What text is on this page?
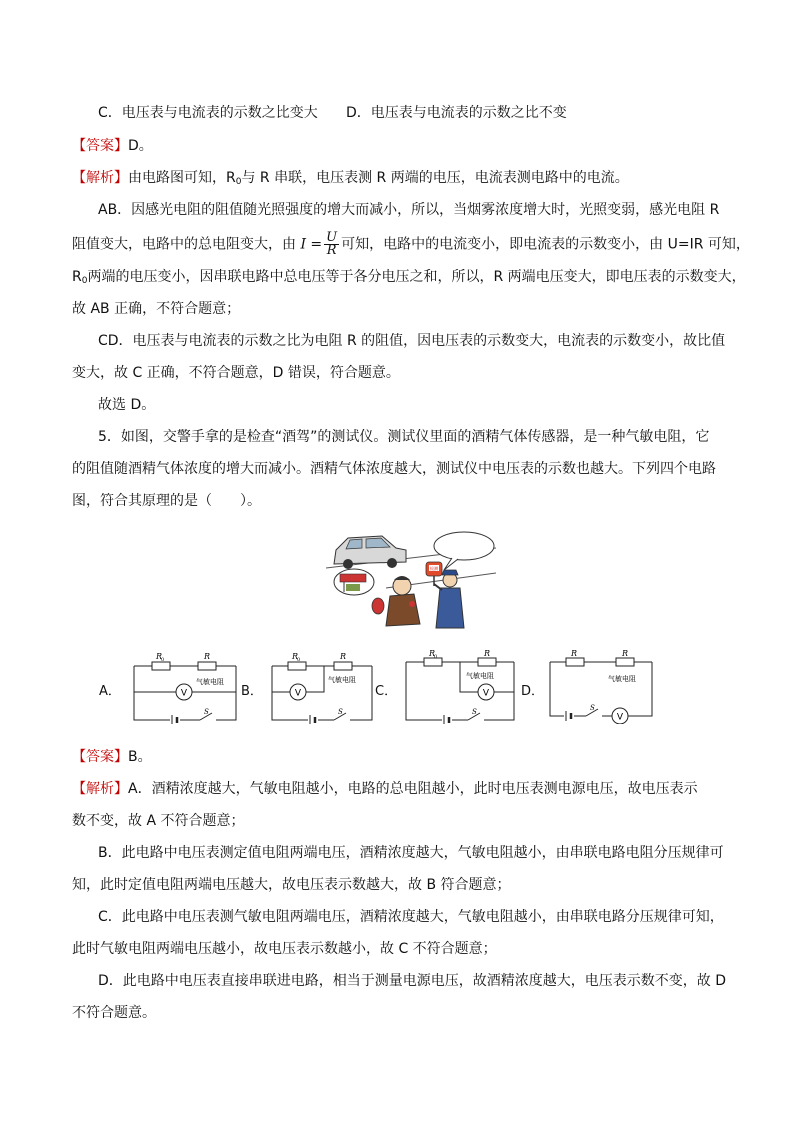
C．电压表与电流表的示数之比变大 D．电压表与电流表的示数之比不变
【答案】D。
【解析】由电路图可知，$R_0$与 R 串联，电压表测 R 两端的电压，电流表测电路中的电流。
AB．因感光电阻的阻值随光照强度的增大而减小，所以，当烟雾浓度增大时，光照变弱，感光电阻 R
阻值变大，电路中的总电阻变大，由 $I = \frac{U}{R}$ 可知，电路中的电流变小，即电流表的示数变小，由 U=IR 可知，
$R_0$两端的电压变小，因串联电路中总电压等于各分电压之和，所以，R 两端电压变大，即电压表的示数变大，
故 AB 正确，不符合题意；
CD．电压表与电流表的示数之比为电阻 R 的阻值，因电压表的示数变大，电流表的示数变小，故比值
变大，故 C 正确，不符合题意，D 错误，符合题意。
故选 D。
5．如图，交警手拿的是检查“酒驾”的测试仪。测试仪里面的酒精气体传感器，是一种气敏电阻，它
的阻值随酒精气体浓度的增大而减小。酒精气体浓度越大，测试仪中电压表的示数也越大。下列四个电路
图，符合其原理的是（　　）。
检测
A．	B．	C．	D．
V
R
0	R
气敏电阻
S
V
R
0	R
气敏电阻
S
V
R
0	R
气敏电阻
S
V
R	R
气敏电阻
S
【答案】B。
【解析】A．酒精浓度越大，气敏电阻越小，电路的总电阻越小，此时电压表测电源电压，故电压表示
数不变，故 A 不符合题意；
B．此电路中电压表测定值电阻两端电压，酒精浓度越大，气敏电阻越小，由串联电路电阻分压规律可
知，此时定值电阻两端电压越大，故电压表示数越大，故 B 符合题意；
C．此电路中电压表测气敏电阻两端电压，酒精浓度越大，气敏电阻越小，由串联电路分压规律可知，
此时气敏电阻两端电压越小，故电压表示数越小，故 C 不符合题意；
D．此电路中电压表直接串联进电路，相当于测量电源电压，故酒精浓度越大，电压表示数不变，故 D
不符合题意。
